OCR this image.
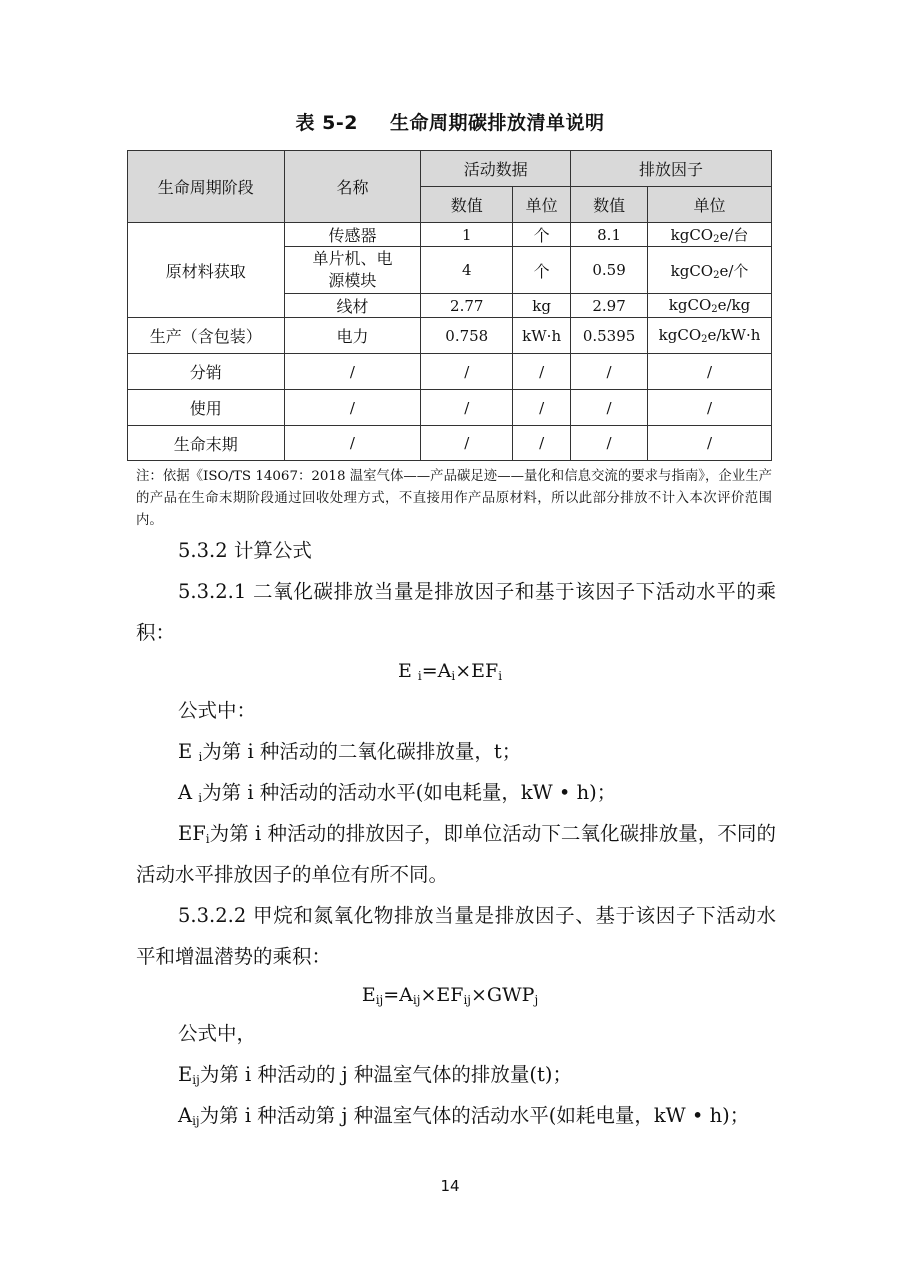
表 5-2 生命周期碳排放清单说明
生命周期阶段	名称	活动数据		排放因子	
		数值	单位	数值	单位
原材料获取	传感器	1	个	8.1	kgCO$_2$e/台

	单片机、电源模块	4	个	0.59	kgCO$_2$e/个
	线材	2.77	kg	2.97	kgCO$_2$e/kg
生产（含包装）	电力	0.758	kW·h	0.5395	kgCO$_2$e/kW·h
分销	/	/	/	/	/
使用	/	/	/	/	/
生命末期	/	/	/	/	/
注：依据《ISO/TS 14067：2018 温室气体——产品碳足迹——量化和信息交流的要求与指南》，企业生产的产品在生命末期阶段通过回收处理方式，不直接用作产品原材料，所以此部分排放不计入本次评价范围内。
5.3.2 计算公式
5.3.2.1 二氧化碳排放当量是排放因子和基于该因子下活动水平的乘积：
E $_i=A_i\times EF_i$
公式中：
E $_i$为第 i 种活动的二氧化碳排放量，t；
A $_i$为第 i 种活动的活动水平(如电耗量，kW • h)；
$EF_i$为第 i 种活动的排放因子，即单位活动下二氧化碳排放量，不同的活动水平排放因子的单位有所不同。
5.3.2.2 甲烷和氮氧化物排放当量是排放因子、基于该因子下活动水平和增温潜势的乘积：
$E_{ij}=A_{ij}\times EF_{ij}\times GWP_j$
公式中，
$E_{ij}$为第 i 种活动的 j 种温室气体的排放量(t)；
$A_{ij}$为第 i 种活动第 j 种温室气体的活动水平(如耗电量，kW • h)；
14
